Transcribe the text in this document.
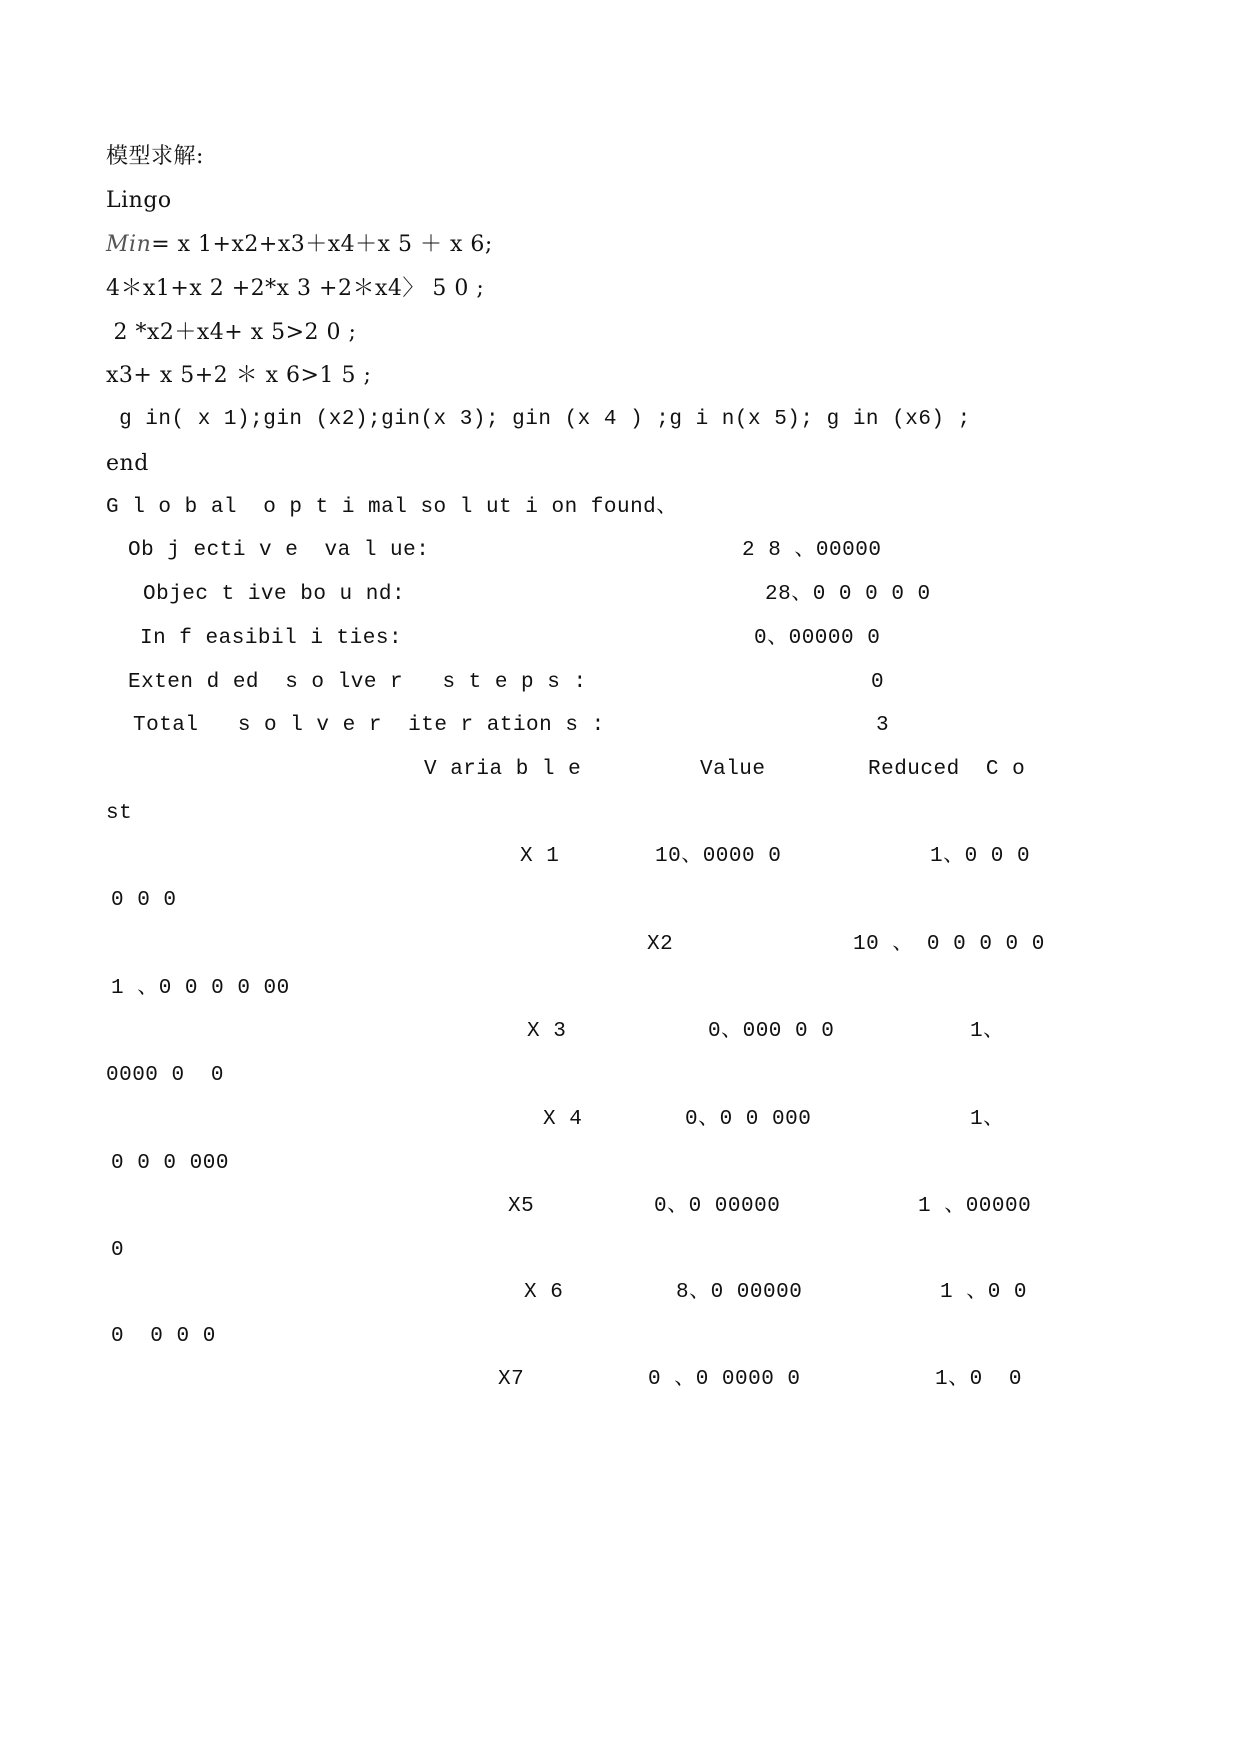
模型求解:
Lingo
Min= x 1+x2+x3＋x4＋x 5 ＋ x 6;
4＊x1+x 2 +2*x 3 +2＊x4〉 5 0 ;
2 *x2＋x4+ x 5>2 0 ;
x3+ x 5+2 ＊ x 6>1 5 ;
g in( x 1);gin (x2);gin(x 3); gin (x 4 ) ;g i n(x 5); g in (x6) ;
end
G l o b al  o p t i mal so l ut i on found、
Ob j ecti v e  va l ue:	2 8 、00000
Objec t ive bo u nd:	28、0 0 0 0 0
In f easibil i ties:	0、00000 0
Exten d ed  s o lve r   s t e p s :	0
Total   s o l v e r  ite r ation s :	3
V aria b l e	Value	Reduced  C o
st
X 1	10、0000 0	1、0 0 0
0 0 0
X2	10 、 0 0 0 0 0
1 、0 0 0 0 00
X 3	0、000 0 0	1、
0000 0  0
X 4	0、0 0 000	1、
0 0 0 000
X5	0、0 00000	1 、00000
0
X 6	8、0 00000	1 、0 0
0  0 0 0
X7	0 、0 0000 0	1、0  0
